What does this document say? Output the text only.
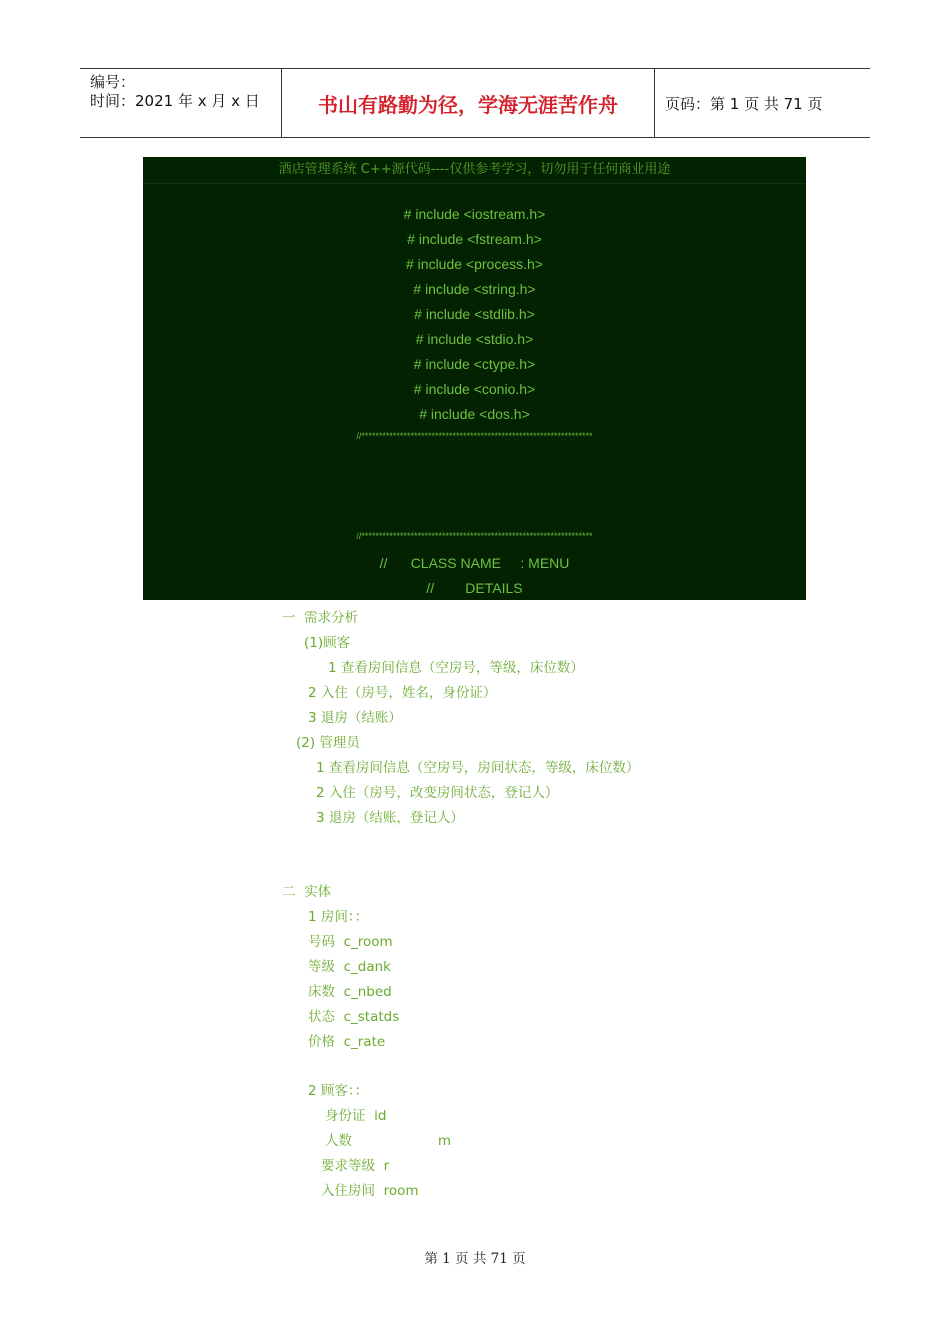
编号：
时间：2021 年 x 月 x 日	书山有路勤为径，学海无涯苦作舟	页码：第 1 页 共 71 页
酒店管理系统 C++源代码----仅供参考学习，切勿用于任何商业用途
# include <iostream.h>
# include <fstream.h>
# include <process.h>
# include <string.h>
# include <stdlib.h>
# include <stdio.h>
# include <ctype.h>
# include <conio.h>
# include <dos.h>
//******************************************************************
//******************************************************************
//      CLASS NAME     : MENU
//        DETAILS
一  需求分析
(1)顾客
1 查看房间信息（空房号，等级，床位数）
2 入住（房号，姓名，身份证）
3 退房（结账）
(2) 管理员
1 查看房间信息（空房号，房间状态，等级，床位数）
2 入住（房号，改变房间状态，登记人）
3 退房（结账，登记人）
二  实体
1 房间：：
号码  c_room
等级  c_dank
床数  c_nbed
状态  c_statds
价格  c_rate
2 顾客：：
身份证  id
人数                    m
要求等级  r
入住房间  room
第 1 页 共 71 页
